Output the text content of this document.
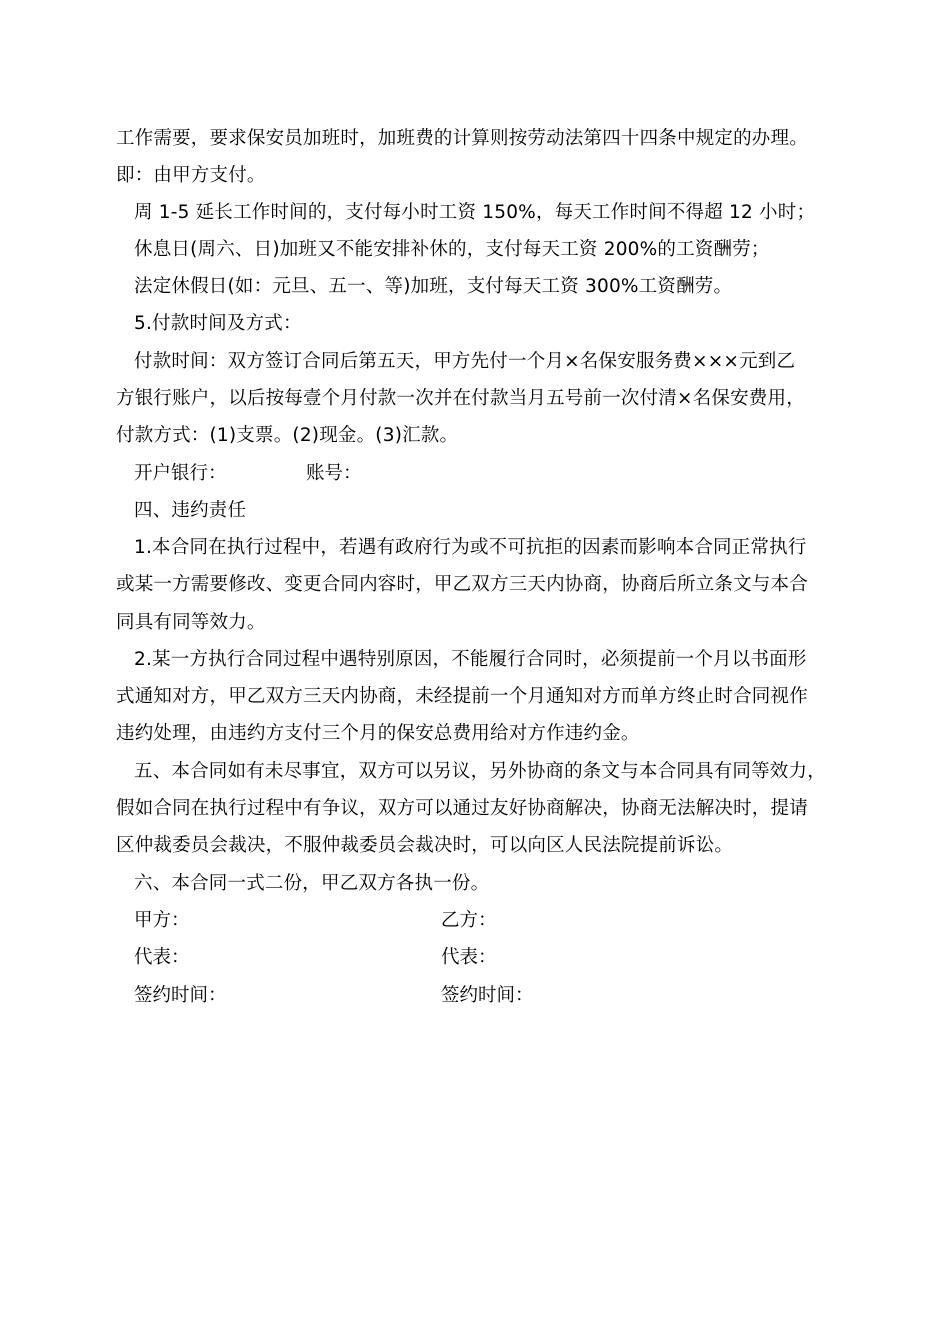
工作需要，要求保安员加班时，加班费的计算则按劳动法第四十四条中规定的办理。
即：由甲方支付。
周 1-5 延长工作时间的，支付每小时工资 150%，每天工作时间不得超 12 小时；
休息日(周六、日)加班又不能安排补休的，支付每天工资 200%的工资酬劳；
法定休假日(如：元旦、五一、等)加班，支付每天工资 300%工资酬劳。
5.付款时间及方式：
付款时间：双方签订合同后第五天，甲方先付一个月×名保安服务费×××元到乙
方银行账户，以后按每壹个月付款一次并在付款当月五号前一次付清×名保安费用，
付款方式：(1)支票。(2)现金。(3)汇款。
开户银行：	账号：
四、违约责任
1.本合同在执行过程中，若遇有政府行为或不可抗拒的因素而影响本合同正常执行
或某一方需要修改、变更合同内容时，甲乙双方三天内协商，协商后所立条文与本合
同具有同等效力。
2.某一方执行合同过程中遇特别原因，不能履行合同时，必须提前一个月以书面形
式通知对方，甲乙双方三天内协商，未经提前一个月通知对方而单方终止时合同视作
违约处理，由违约方支付三个月的保安总费用给对方作违约金。
五、本合同如有未尽事宜，双方可以另议，另外协商的条文与本合同具有同等效力，
假如合同在执行过程中有争议，双方可以通过友好协商解决，协商无法解决时，提请
区仲裁委员会裁决，不服仲裁委员会裁决时，可以向区人民法院提前诉讼。
六、本合同一式二份，甲乙双方各执一份。
甲方：	乙方：
代表：	代表：
签约时间：	签约时间：
